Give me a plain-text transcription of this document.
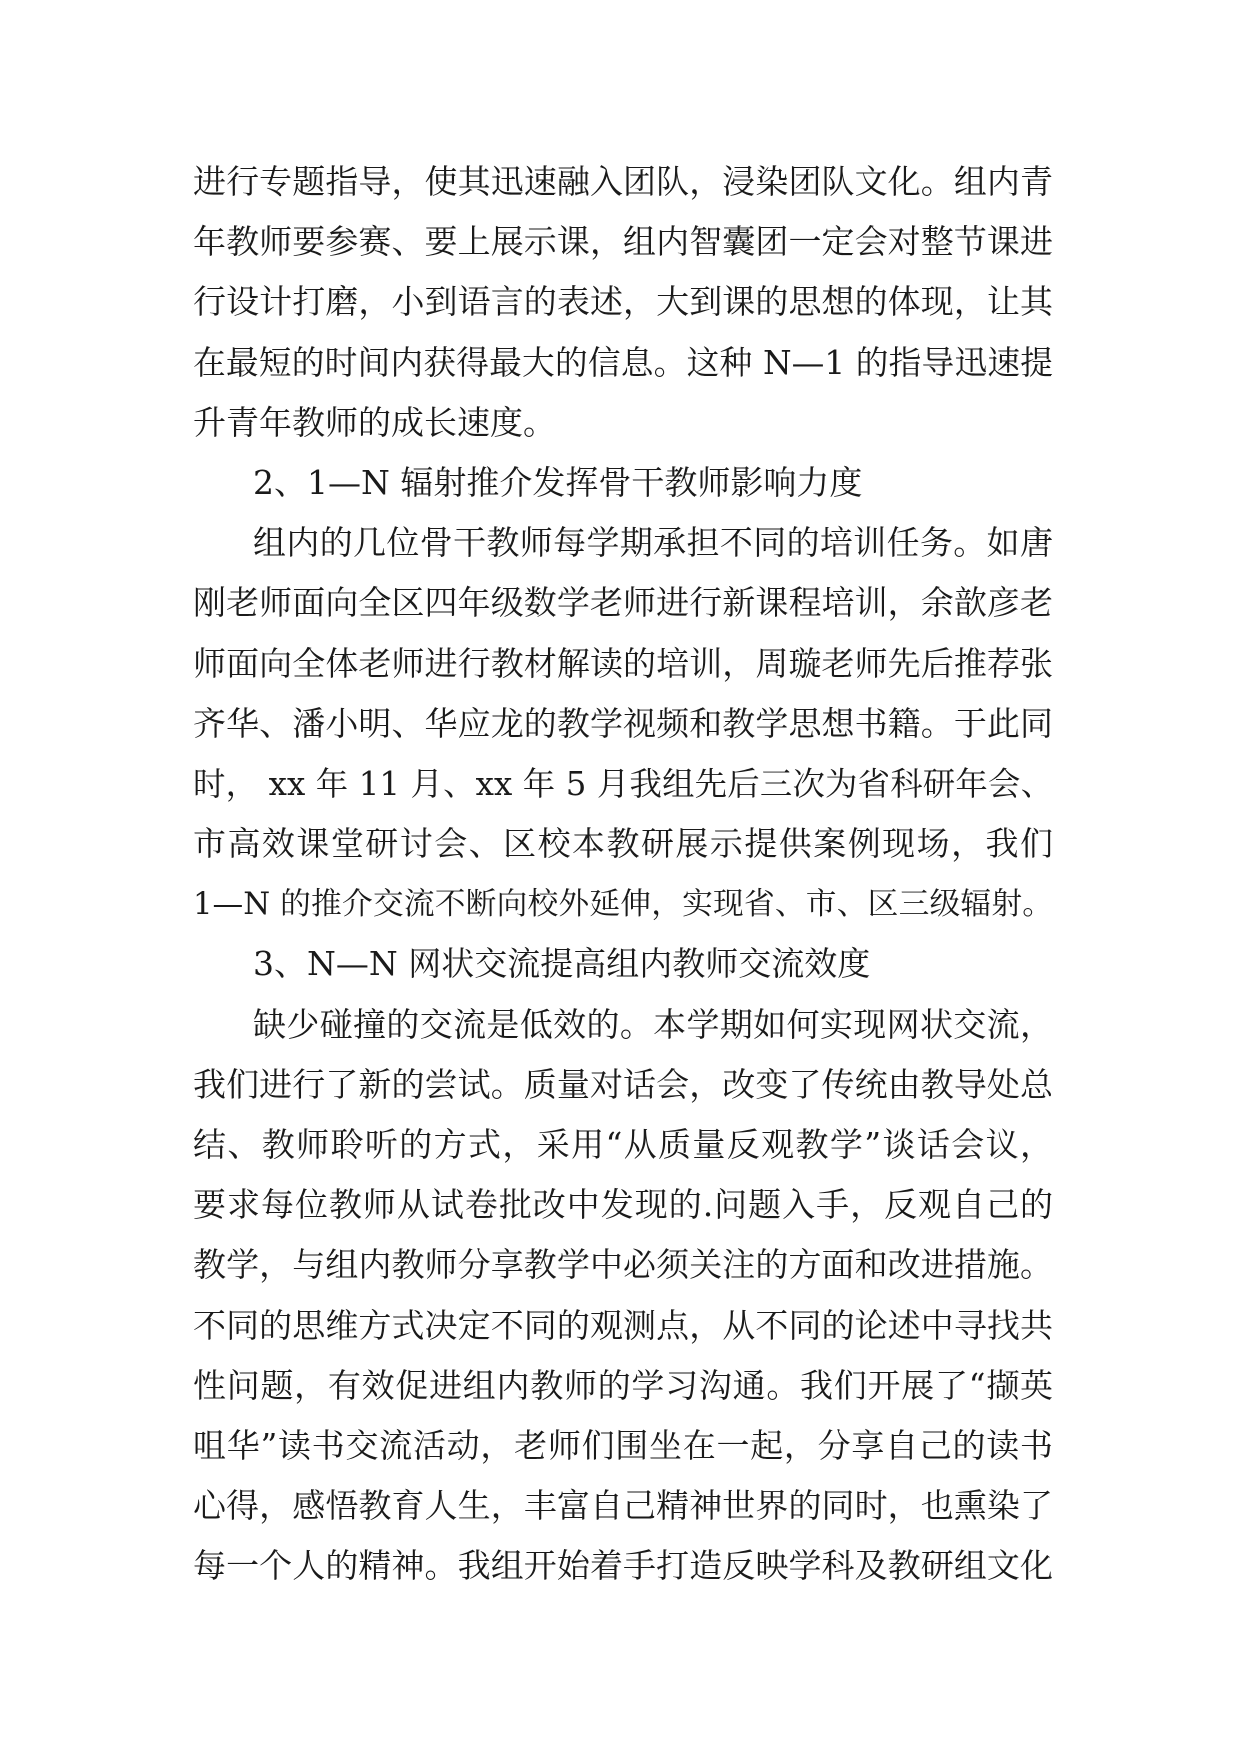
进行专题指导，使其迅速融入团队，浸染团队文化。组内青
年教师要参赛、要上展示课，组内智囊团一定会对整节课进
行设计打磨，小到语言的表述，大到课的思想的体现，让其
在最短的时间内获得最大的信息。这种 N—1 的指导迅速提
升青年教师的成长速度。
2、1—N 辐射推介发挥骨干教师影响力度
组内的几位骨干教师每学期承担不同的培训任务。如唐
刚老师面向全区四年级数学老师进行新课程培训，余歆彦老
师面向全体老师进行教材解读的培训，周璇老师先后推荐张
齐华、潘小明、华应龙的教学视频和教学思想书籍。于此同
时， xx 年 11 月、xx 年 5 月我组先后三次为省科研年会、
市高效课堂研讨会、区校本教研展示提供案例现场，我们
1—N 的推介交流不断向校外延伸，实现省、市、区三级辐射。
3、N—N 网状交流提高组内教师交流效度
缺少碰撞的交流是低效的。本学期如何实现网状交流，
我们进行了新的尝试。质量对话会，改变了传统由教导处总
结、教师聆听的方式，采用“从质量反观教学”谈话会议，
要求每位教师从试卷批改中发现的.问题入手，反观自己的
教学，与组内教师分享教学中必须关注的方面和改进措施。
不同的思维方式决定不同的观测点，从不同的论述中寻找共
性问题，有效促进组内教师的学习沟通。我们开展了“撷英
咀华”读书交流活动，老师们围坐在一起，分享自己的读书
心得，感悟教育人生，丰富自己精神世界的同时，也熏染了
每一个人的精神。我组开始着手打造反映学科及教研组文化
